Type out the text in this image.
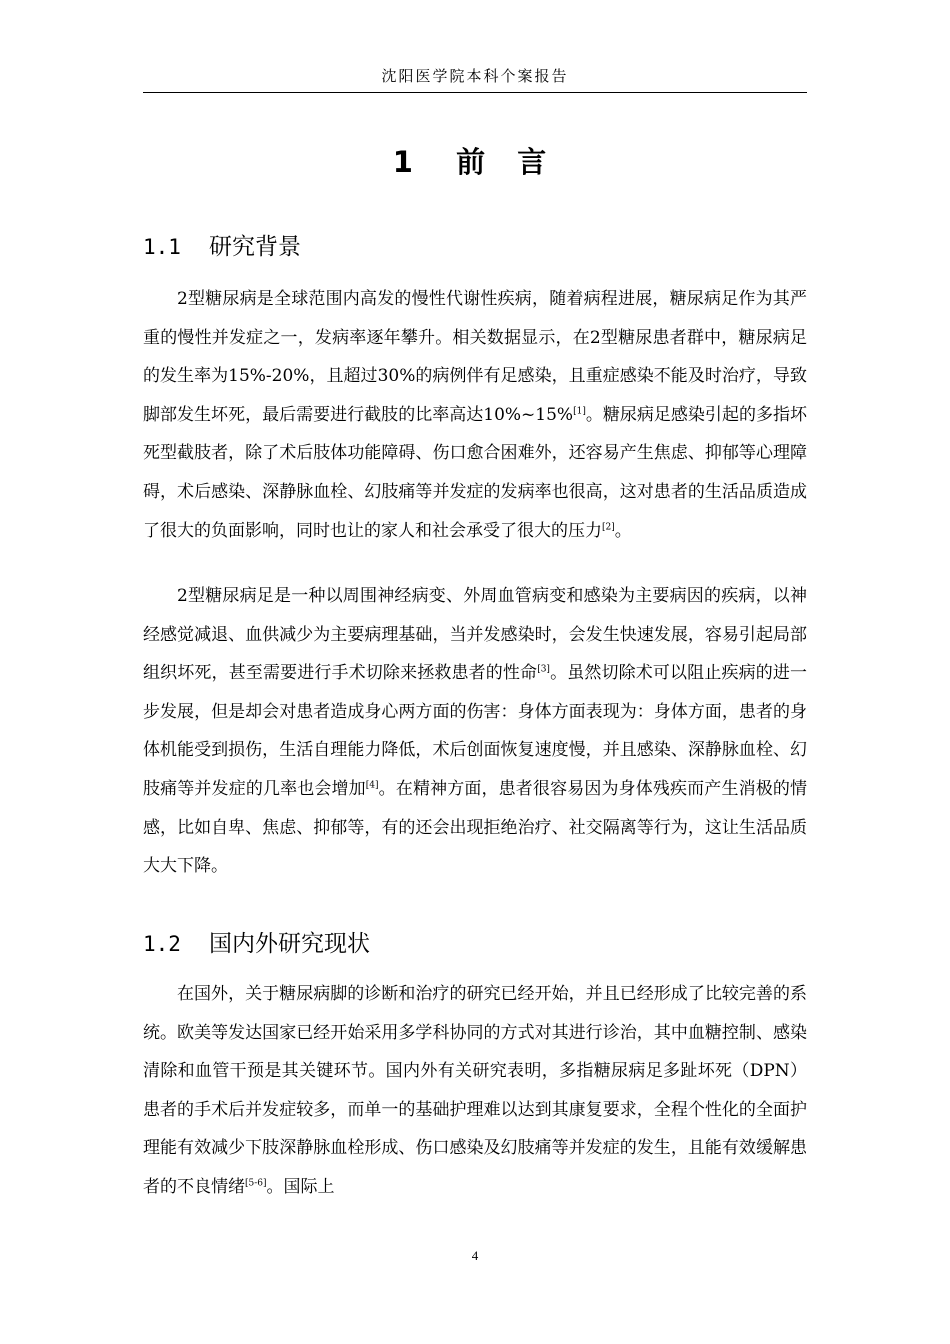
沈阳医学院本科个案报告
1 前 言
1.1 研究背景

2型糖尿病是全球范围内高发的慢性代谢性疾病，随着病程进展，糖尿病足作为其严重的慢性并发症之一，发病率逐年攀升。相关数据显示，在2型糖尿患者群中，糖尿病足的发生率为15%-20%，且超过30%的病例伴有足感染，且重症感染不能及时治疗，导致脚部发生坏死，最后需要进行截肢的比率高达10%~15%[1]。糖尿病足感染引起的多指坏死型截肢者，除了术后肢体功能障碍、伤口愈合困难外，还容易产生焦虑、抑郁等心理障碍，术后感染、深静脉血栓、幻肢痛等并发症的发病率也很高，这对患者的生活品质造成了很大的负面影响，同时也让的家人和社会承受了很大的压力[2]。

2型糖尿病足是一种以周围神经病变、外周血管病变和感染为主要病因的疾病，以神经感觉减退、血供减少为主要病理基础，当并发感染时，会发生快速发展，容易引起局部组织坏死，甚至需要进行手术切除来拯救患者的性命[3]。虽然切除术可以阻止疾病的进一步发展，但是却会对患者造成身心两方面的伤害：身体方面表现为：身体方面，患者的身体机能受到损伤，生活自理能力降低，术后创面恢复速度慢，并且感染、深静脉血栓、幻肢痛等并发症的几率也会增加[4]。在精神方面，患者很容易因为身体残疾而产生消极的情感，比如自卑、焦虑、抑郁等，有的还会出现拒绝治疗、社交隔离等行为，这让生活品质大大下降。

1.2 国内外研究现状

在国外，关于糖尿病脚的诊断和治疗的研究已经开始，并且已经形成了比较完善的系统。欧美等发达国家已经开始采用多学科协同的方式对其进行诊治，其中血糖控制、感染清除和血管干预是其关键环节。国内外有关研究表明，多指糖尿病足多趾坏死（DPN）患者的手术后并发症较多，而单一的基础护理难以达到其康复要求，全程个性化的全面护理能有效减少下肢深静脉血栓形成、伤口感染及幻肢痛等并发症的发生，且能有效缓解患者的不良情绪[5-6]。国际上

4
